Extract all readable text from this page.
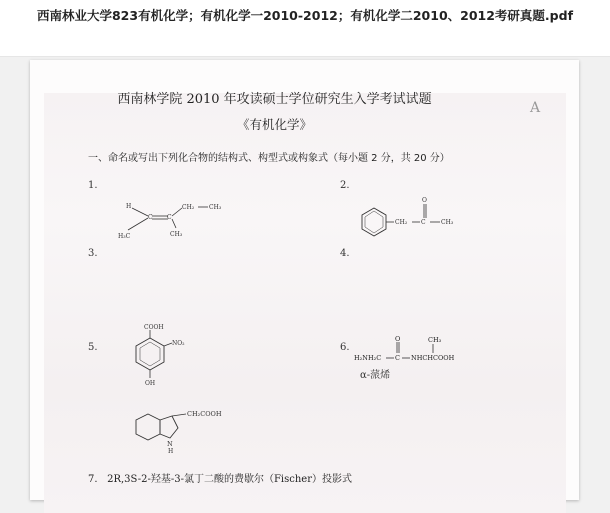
西南林业大学823有机化学；有机化学一2010-2012；有机化学二2010、2012考研真题.pdf
A
西南林学院 2010 年攻读硕士学位研究生入学考试试题
《有机化学》
一、命名或写出下列化合物的结构式、构型式或构象式（每小题 2 分，共 20 分）
1.	2.
3.	4.
5.	6.
α-蒎烯
7. 2R,3S-2-羟基-3-氯丁二酸的费歇尔（Fischer）投影式
H
C C
CH₂ CH₃
H₃C	CH₃
CH₂ C
O
CH₃
COOH
NO₂
OH
H₂NH₂C C
O
NHCHCOOH
CH₃
CH₂COOH
N
H
